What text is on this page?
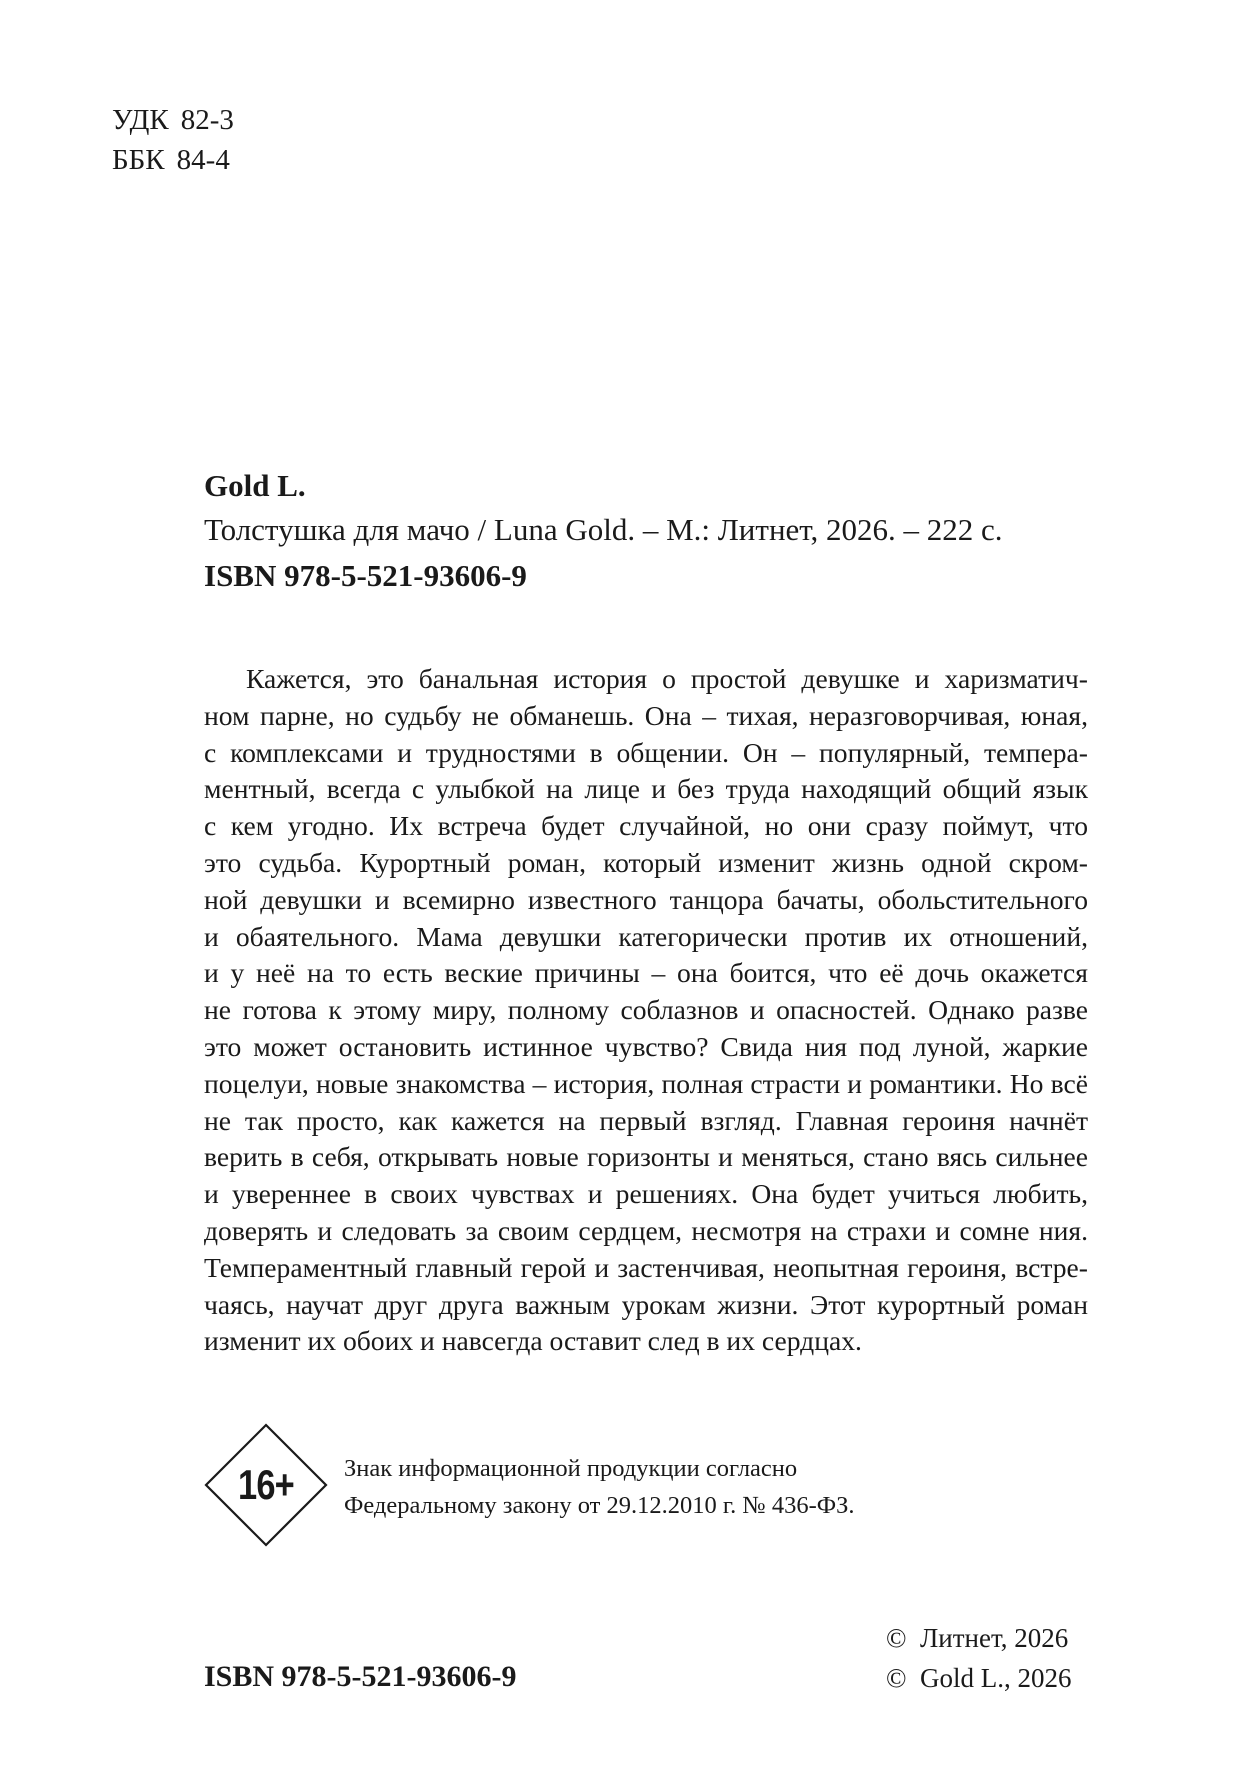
УДК 82-3
ББК 84-4

Gold L.

Толстушка для мачо / Luna Gold. – М.: Литнет, 2026. – 222 с.

ISBN 978-5-521-93606-9

Кажется, это банальная история о простой девушке и харизматич-
ном парне, но судьбу не обманешь. Она – тихая, неразговорчивая, юная,
с комплексами и трудностями в общении. Он – популярный, темпера-
ментный, всегда с улыбкой на лице и без труда находящий общий язык
с кем угодно. Их встреча будет случайной, но они сразу поймут, что
это судьба. Курортный роман, который изменит жизнь одной скром-
ной девушки и всемирно известного танцора бачаты, обольстительного
и обаятельного. Мама девушки категорически против их отношений,
и у неё на то есть веские причины – она боится, что её дочь окажется
не готова к этому миру, полному соблазнов и опасностей. Однако разве
это может остановить истинное чувство? Свида ния под луной, жаркие
поцелуи, новые знакомства – история, полная страсти и романтики. Но всё
не так просто, как кажется на первый взгляд. Главная героиня начнёт
верить в себя, открывать новые горизонты и меняться, стано вясь сильнее
и увереннее в своих чувствах и решениях. Она будет учиться любить,
доверять и следовать за своим сердцем, несмотря на страхи и сомне ния.
Темпераментный главный герой и застенчивая, неопытная героиня, встре-
чаясь, научат друг друга важным урокам жизни. Этот курортный роман
изменит их обоих и навсегда оставит след в их сердцах.
16+	Знак информационной продукции согласно
Федеральному закону от 29.12.2010 г. № 436-ФЗ.
ISBN 978-5-521-93606-9
© Литнет, 2026
© Gold L., 2026
